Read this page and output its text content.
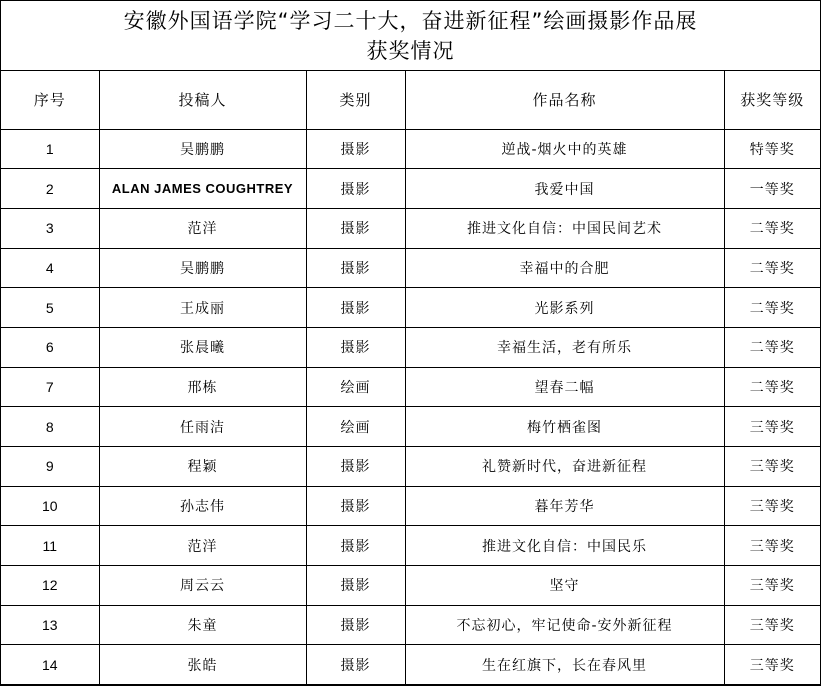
安徽外国语学院“学习二十大，奋进新征程”绘画摄影作品展
获奖情况
序号	投稿人	类别	作品名称	获奖等级
1	吴鹏鹏	摄影	逆战-烟火中的英雄	特等奖
2	ALAN JAMES COUGHTREY	摄影	我爱中国	一等奖
3	范洋	摄影	推进文化自信：中国民间艺术	二等奖
4	吴鹏鹏	摄影	幸福中的合肥	二等奖
5	王成丽	摄影	光影系列	二等奖
6	张晨曦	摄影	幸福生活，老有所乐	二等奖
7	邢栋	绘画	望春二幅	二等奖
8	任雨洁	绘画	梅竹栖雀图	三等奖
9	程颖	摄影	礼赞新时代，奋进新征程	三等奖
10	孙志伟	摄影	暮年芳华	三等奖
11	范洋	摄影	推进文化自信：中国民乐	三等奖
12	周云云	摄影	坚守	三等奖
13	朱童	摄影	不忘初心，牢记使命-安外新征程	三等奖
14	张皓	摄影	生在红旗下，长在春风里	三等奖
